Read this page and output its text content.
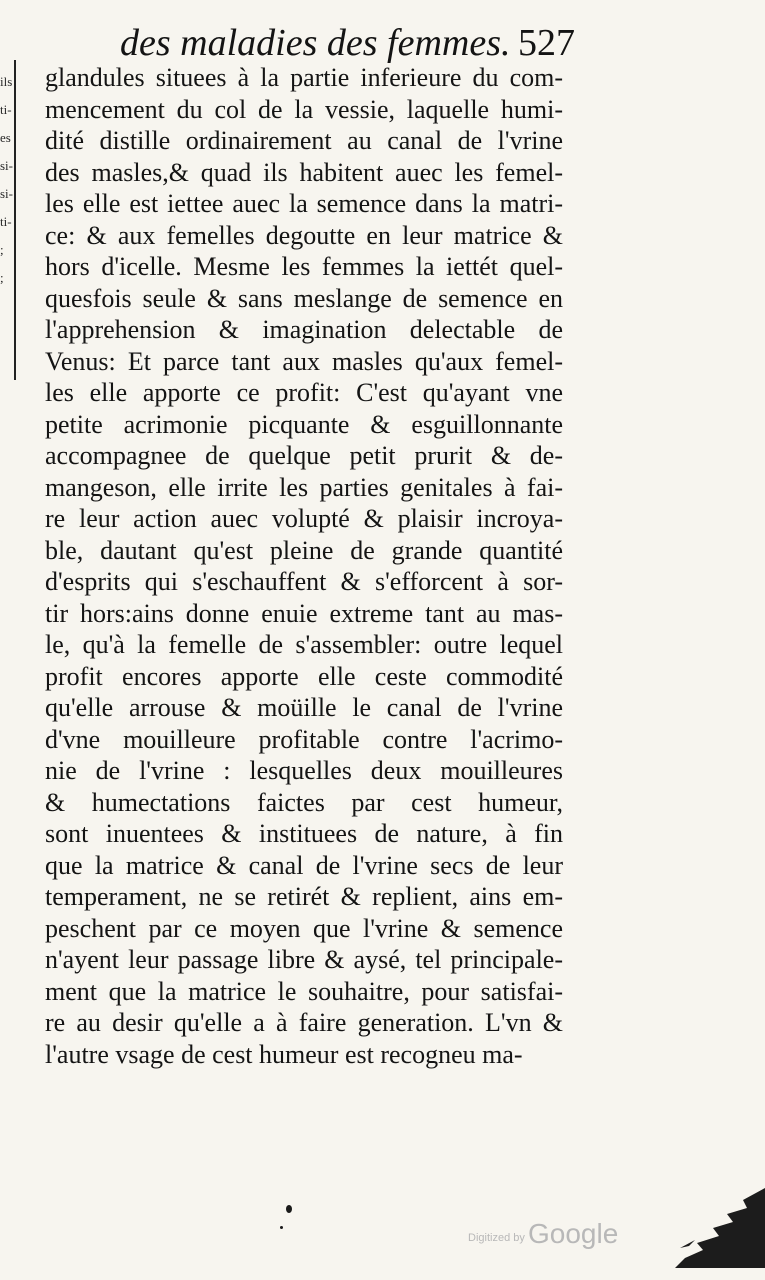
des maladies des femmes. 527
ils
ti-
es
si-
si-
ti-
;
;
glandules situees à la partie inferieure du com-
mencement du col de la vessie, laquelle humi-
dité distille ordinairement au canal de l'vrine
des masles,& quad ils habitent auec les femel-
les elle est iettee auec la semence dans la matri-
ce: & aux femelles degoutte en leur matrice &
hors d'icelle. Mesme les femmes la iettét quel-
quesfois seule & sans meslange de semence en
l'apprehension & imagination delectable de
Venus: Et parce tant aux masles qu'aux femel-
les elle apporte ce profit: C'est qu'ayant vne
petite acrimonie picquante & esguillonnante
accompagnee de quelque petit prurit & de-
mangeson, elle irrite les parties genitales à fai-
re leur action auec volupté & plaisir incroya-
ble, dautant qu'est pleine de grande quantité
d'esprits qui s'eschauffent & s'efforcent à sor-
tir hors:ains donne enuie extreme tant au mas-
le, qu'à la femelle de s'assembler: outre lequel
profit encores apporte elle ceste commodité
qu'elle arrouse & moüille le canal de l'vrine
d'vne mouilleure profitable contre l'acrimo-
nie de l'vrine : lesquelles deux mouilleures
& humectations faictes par cest humeur,
sont inuentees & instituees de nature, à fin
que la matrice & canal de l'vrine secs de leur
temperament, ne se retirét & replient, ains em-
peschent par ce moyen que l'vrine & semence
n'ayent leur passage libre & aysé, tel principale-
ment que la matrice le souhaitre, pour satisfai-
re au desir qu'elle a à faire generation. L'vn &
l'autre vsage de cest humeur est recogneu ma-
Digitized by Google
